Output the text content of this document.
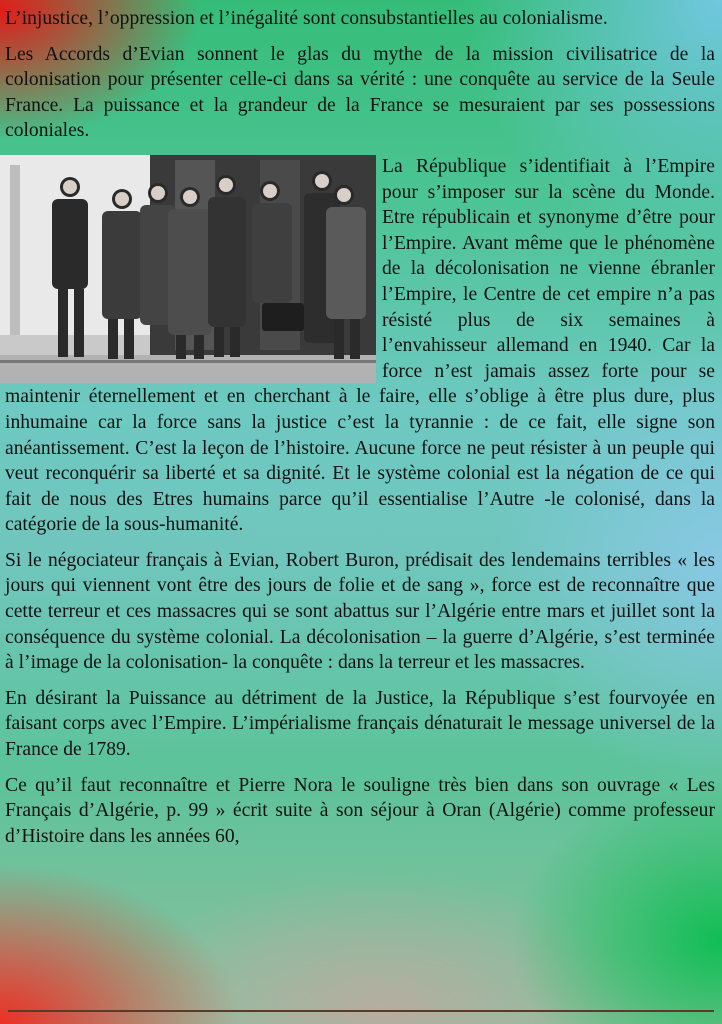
L’injustice, l’oppression et l’inégalité sont consubstantielles au colonialisme.

Les Accords d’Evian sonnent le glas du mythe de la mission civilisatrice de la colonisation pour présenter celle-ci dans sa vérité : une conquête au service de la Seule France. La puissance et la grandeur de la France se mesuraient par ses possessions coloniales.

La République s’identifiait à l’Empire pour s’imposer sur la scène du Monde. Etre républicain et synonyme d’être pour l’Empire. Avant même que le phénomène de la décolonisation ne vienne ébranler l’Empire, le Centre de cet empire n’a pas résisté plus de six semaines à l’envahisseur allemand en 1940. Car la force n’est jamais assez forte pour se maintenir éternellement et en cherchant à le faire, elle s’oblige à être plus dure, plus inhumaine car la force sans la justice c’est la tyrannie : de ce fait, elle signe son anéantissement. C’est la leçon de l’histoire. Aucune force ne peut résister à un peuple qui veut reconquérir sa liberté et sa dignité. Et le système colonial est la négation de ce qui fait de nous des Etres humains parce qu’il essentialise l’Autre -le colonisé, dans la catégorie de la sous-humanité.

Si le négociateur français à Evian, Robert Buron, prédisait des lendemains terribles « les jours qui viennent vont être des jours de folie et de sang », force est de reconnaître que cette terreur et ces massacres qui se sont abattus sur l’Algérie entre mars et juillet sont la conséquence du système colonial. La décolonisation – la guerre d’Algérie, s’est terminée à l’image de la colonisation- la conquête : dans la terreur et les massacres.

En désirant la Puissance au détriment de la Justice, la République s’est fourvoyée en faisant corps avec l’Empire. L’impérialisme français dénaturait le message universel de la France de 1789.

Ce qu’il faut reconnaître et Pierre Nora le souligne très bien dans son ouvrage « Les Français d’Algérie, p. 99 » écrit suite à son séjour à Oran (Algérie) comme professeur d’Histoire dans les années 60,
